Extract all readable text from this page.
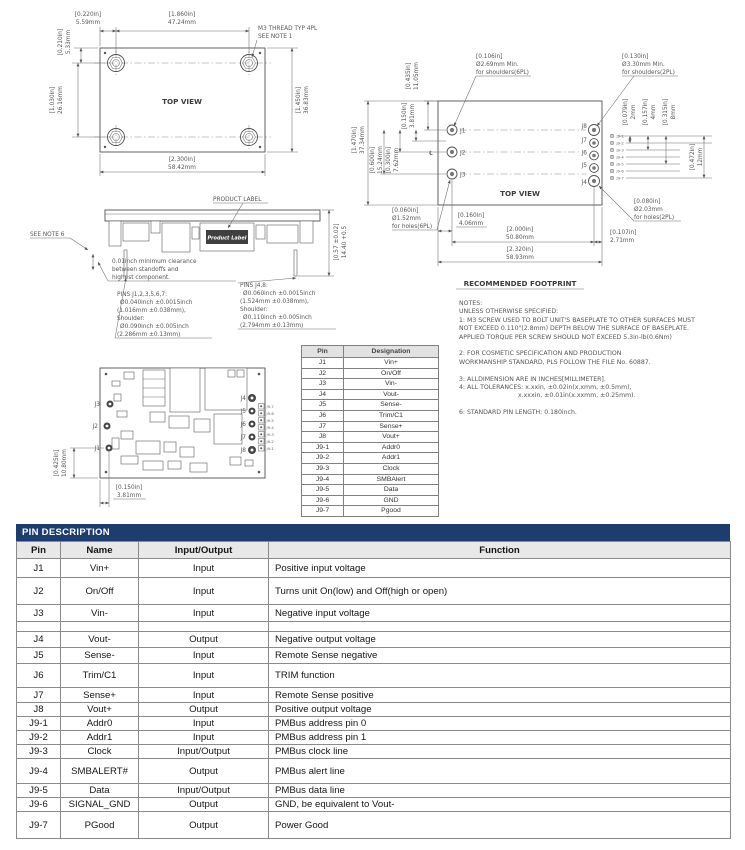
TOP VIEW
[0.220in]
5.59mm
[1.860in]
47.24mm
M3 THREAD TYP 4PL
SEE NOTE 1
[0.210in] 5.33mm
[1.030in] 26.16mm	[1.450in] 36.83mm
[2.300in]
58.42mm
TOP VIEW
℄
J1
J2
J3
J8
J7
J6
J5
J4
J9-1
J9-2
J9-3
J9-4
J9-5
J9-6
J9-7
[0.106in]
Ø2.69mm Min.
for shoulders(6PL)
[0.130in]
Ø3.30mm Min.
for shoulders(2PL)
[0.435in] 11.05mm
[0.150in] 3.81mm
[0.300in] 7.62mm
[0.600in] 15.24mm
[1.470in] 37.34mm
[0.079in] 2mm [0.157in] 4mm [0.315in] 8mm
[0.472in] 12mm
[0.060in]
Ø1.52mm
for holes(6PL)
[0.080in]
Ø2.03mm
for holes(2PL)
[0.160in]
4.06mm
[2.000in]
50.80mm
[0.107in]
2.71mm
[2.320in]
58.93mm
RECOMMENDED FOOTPRINT
Product Label
PRODUCT LABEL
SEE NOTE 6	[0.57 ±0.02] 14.40 +0.5
0.01inch minimum clearance
between standoffs and
highest component.
PINS J1,2,3,5,6,7:
Ø0.040inch ±0.0015inch
(1.016mm ±0.038mm),
Shoulder:
Ø0.090inch ±0.005inch
(2.286mm ±0.13mm)
PINS J4,8:
Ø0.060inch ±0.0015inch
(1.524mm ±0.038mm),
Shoulder:
Ø0.110inch ±0.005inch
(2.794mm ±0.13mm)
J3
J2
J1
J4
J5
J6
J7
J8
J9-7
J9-6
J9-5
J9-4
J9-3
J9-2
J9-1
[0.425in] 10.80mm
[0.150in]
3.81mm
NOTES:
UNLESS OTHERWISE SPECIFIED:
1: M3 SCREW USED TO BOLT UNIT'S BASEPLATE TO OTHER SURFACES MUST
NOT EXCEED 0.110"(2.8mm) DEPTH BELOW THE SURFACE OF BASEPLATE.
APPLIED TORQUE PER SCREW SHOULD NOT EXCEED 5.3in-lb(0.6Nm)
2: FOR COSMETIC SPECIFICATION AND PRODUCTION
WORKMANSHIP STANDARD, PLS FOLLOW THE FILE No. 60887.
3: ALLDIMENSION ARE IN INCHES[MILLIMETER].
4: ALL TOLERANCES: x.xxin, ±0.02in(x.xmm, ±0.5mm),
x.xxxin, ±0.01in(x.xxmm, ±0.25mm).
6: STANDARD PIN LENGTH: 0.180inch.
Pin	Designation
J1	Vin+
J2	On/Off
J3	Vin-
J4	Vout-
J5	Sense-
J6	Trim/C1
J7	Sense+
J8	Vout+
J9-1	Addr0
J9-2	Addr1
J9-3	Clock
J9-4	SMBAlert
J9-5	Data
J9-6	GND
J9-7	Pgood
PIN DESCRIPTION
Pin	Name	Input/Output	Function
J1	Vin+	Input	Positive input voltage
J2	On/Off	Input	Turns unit On(low) and Off(high or open)
J3	Vin-	Input	Negative input voltage

J4	Vout-	Output	Negative output voltage
J5	Sense-	Input	Remote Sense negative
J6	Trim/C1	Input	TRIM function
J7	Sense+	Input	Remote Sense positive
J8	Vout+	Output	Positive output voltage
J9-1	Addr0	Input	PMBus address pin 0
J9-2	Addr1	Input	PMBus address pin 1
J9-3	Clock	Input/Output	PMBus clock line
J9-4	SMBALERT#	Output	PMBus alert line
J9-5	Data	Input/Output	PMBus data line
J9-6	SIGNAL_GND	Output	GND, be equivalent to Vout-
J9-7	PGood	Output	Power Good
